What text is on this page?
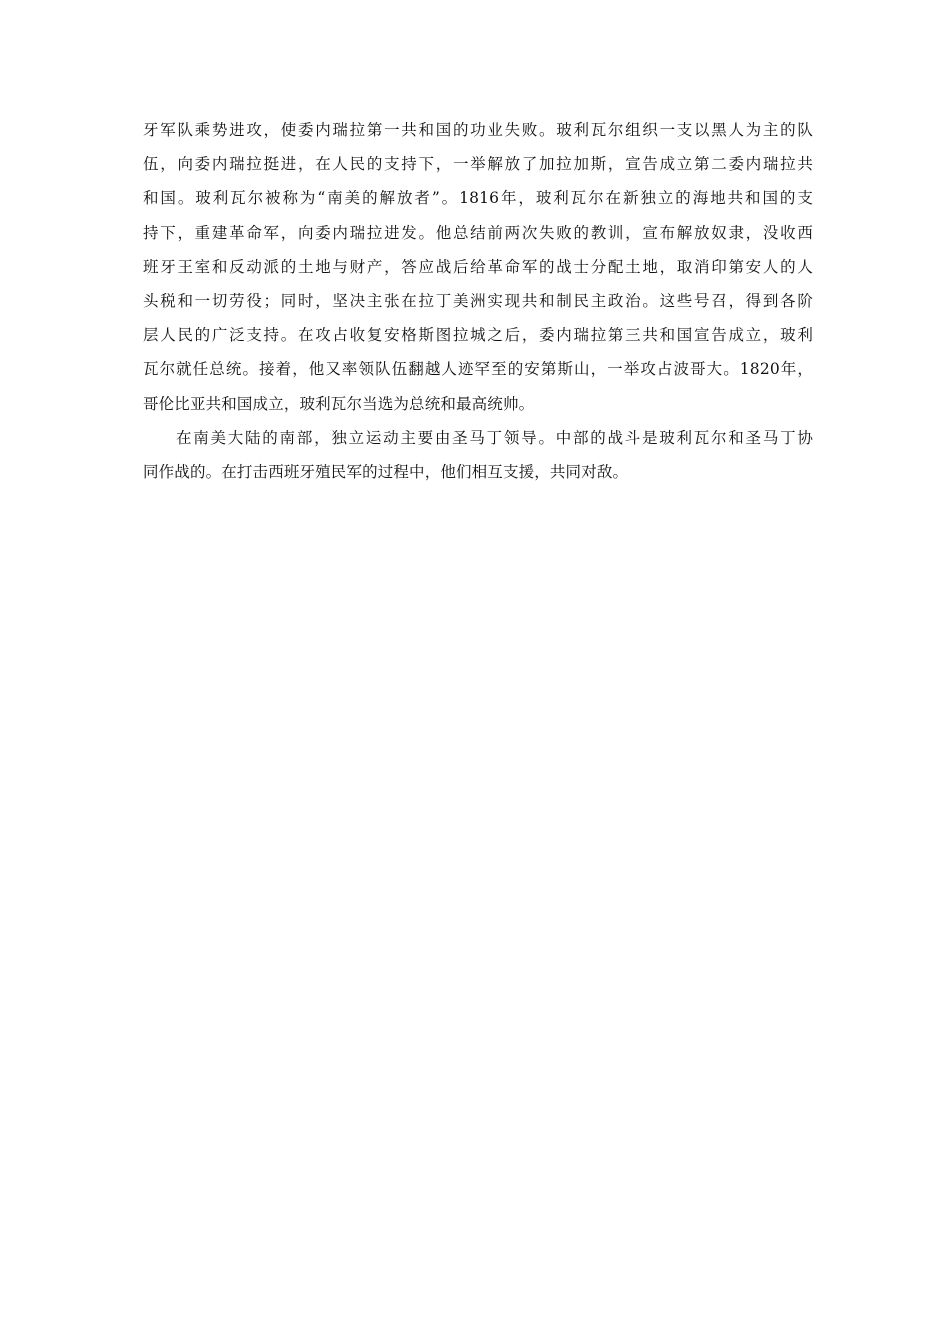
牙军队乘势进攻，使委内瑞拉第一共和国的功业失败。玻利瓦尔组织一支以黑人为主的队
伍，向委内瑞拉挺进，在人民的支持下，一举解放了加拉加斯，宣告成立第二委内瑞拉共
和国。玻利瓦尔被称为“南美的解放者”。1816年，玻利瓦尔在新独立的海地共和国的支
持下，重建革命军，向委内瑞拉进发。他总结前两次失败的教训，宣布解放奴隶，没收西
班牙王室和反动派的土地与财产，答应战后给革命军的战士分配土地，取消印第安人的人
头税和一切劳役；同时，坚决主张在拉丁美洲实现共和制民主政治。这些号召，得到各阶
层人民的广泛支持。在攻占收复安格斯图拉城之后，委内瑞拉第三共和国宣告成立，玻利
瓦尔就任总统。接着，他又率领队伍翻越人迹罕至的安第斯山，一举攻占波哥大。1820年，
哥伦比亚共和国成立，玻利瓦尔当选为总统和最高统帅。
在南美大陆的南部，独立运动主要由圣马丁领导。中部的战斗是玻利瓦尔和圣马丁协
同作战的。在打击西班牙殖民军的过程中，他们相互支援，共同对敌。
